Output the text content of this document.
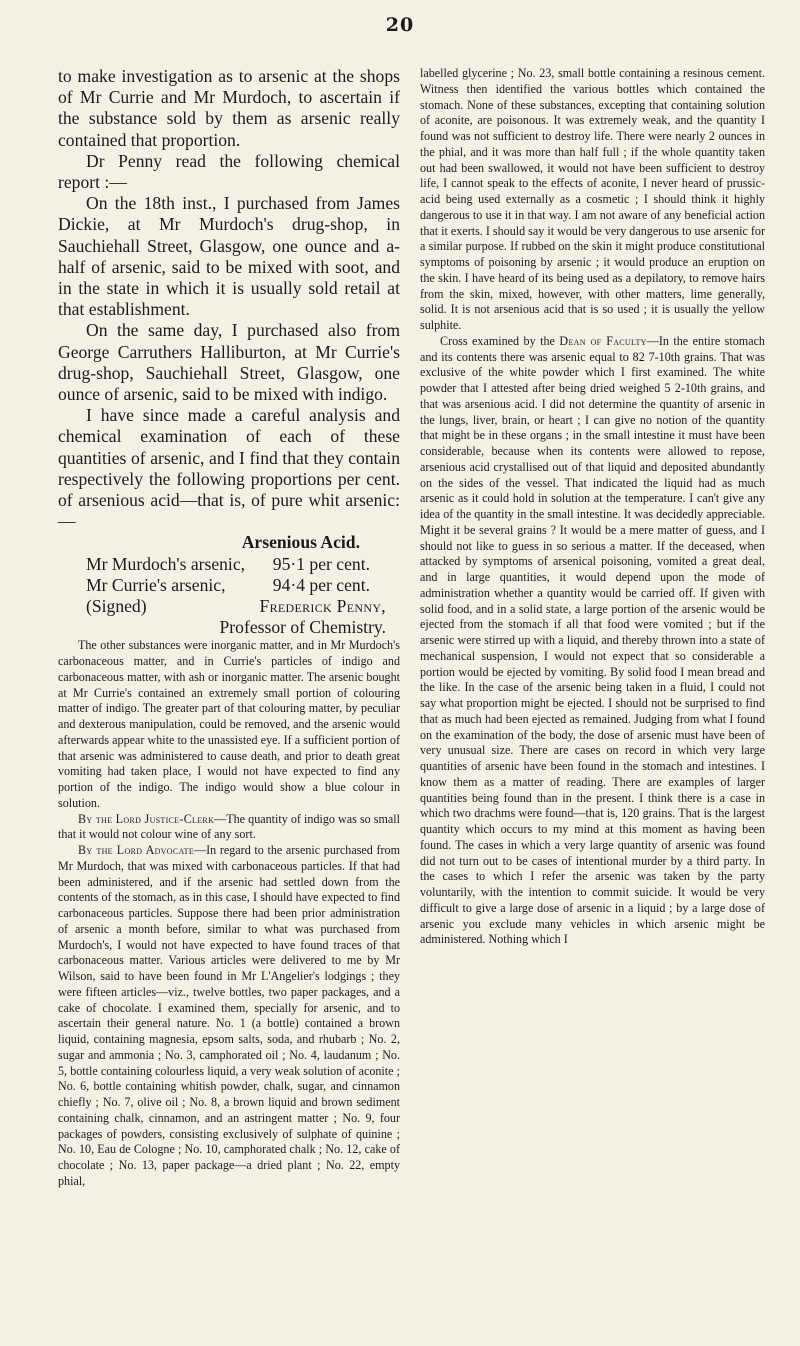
20

to make investigation as to arsenic at the shops of Mr Currie and Mr Murdoch, to ascertain if the substance sold by them as arsenic really contained that proportion.

Dr Penny read the following chemical report :—

On the 18th inst., I purchased from James Dickie, at Mr Murdoch's drug-shop, in Sauchiehall Street, Glasgow, one ounce and a-half of arsenic, said to be mixed with soot, and in the state in which it is usually sold retail at that establishment.

On the same day, I purchased also from George Carruthers Halliburton, at Mr Currie's drug-shop, Sauchiehall Street, Glasgow, one ounce of arsenic, said to be mixed with indigo.

I have since made a careful analysis and chemical examination of each of these quantities of arsenic, and I find that they contain respectively the following proportions per cent. of arsenious acid—that is, of pure whit arsenic:—

Arsenious Acid.
Mr Murdoch's arsenic, 95·1 per cent.
Mr Currie's arsenic,	94·4 per cent.
(Signed)	Frederick Penny,
Professor of Chemistry.

The other substances were inorganic matter, and in Mr Murdoch's carbonaceous matter, and in Currie's particles of indigo and carbonaceous matter, with ash or inorganic matter. The arsenic bought at Mr Currie's contained an extremely small portion of colouring matter of indigo. The greater part of that colouring matter, by peculiar and dexterous manipulation, could be removed, and the arsenic would afterwards appear white to the unassisted eye. If a sufficient portion of that arsenic was administered to cause death, and prior to death great vomiting had taken place, I would not have expected to find any portion of the indigo. The indigo would show a blue colour in solution.

By the Lord Justice-Clerk—The quantity of indigo was so small that it would not colour wine of any sort.

By the Lord Advocate—In regard to the arsenic purchased from Mr Murdoch, that was mixed with carbonaceous particles. If that had been administered, and if the arsenic had settled down from the contents of the stomach, as in this case, I should have expected to find carbonaceous particles. Suppose there had been prior administration of arsenic a month before, similar to what was purchased from Murdoch's, I would not have expected to have found traces of that carbonaceous matter. Various articles were delivered to me by Mr Wilson, said to have been found in Mr L'Angelier's lodgings ; they were fifteen articles—viz., twelve bottles, two paper packages, and a cake of chocolate. I examined them, specially for arsenic, and to ascertain their general nature. No. 1 (a bottle) contained a brown liquid, containing magnesia, epsom salts, soda, and rhubarb ; No. 2, sugar and ammonia ; No. 3, camphorated oil ; No. 4, laudanum ; No. 5, bottle containing colourless liquid, a very weak solution of aconite ; No. 6, bottle containing whitish powder, chalk, sugar, and cinnamon chiefly ; No. 7, olive oil ; No. 8, a brown liquid and brown sediment containing chalk, cinnamon, and an astringent matter ; No. 9, four packages of powders, consisting exclusively of sulphate of quinine ; No. 10, Eau de Cologne ; No. 10, camphorated chalk ; No. 12, cake of chocolate ; No. 13, paper package—a dried plant ; No. 22, empty phial,

labelled glycerine ; No. 23, small bottle containing a resinous cement. Witness then identified the various bottles which contained the stomach. None of these substances, excepting that containing solution of aconite, are poisonous. It was extremely weak, and the quantity I found was not sufficient to destroy life. There were nearly 2 ounces in the phial, and it was more than half full ; if the whole quantity taken out had been swallowed, it would not have been sufficient to destroy life, I cannot speak to the effects of aconite, I never heard of prussic-acid being used externally as a cosmetic ; I should think it highly dangerous to use it in that way. I am not aware of any beneficial action that it exerts. I should say it would be very dangerous to use arsenic for a similar purpose. If rubbed on the skin it might produce constitutional symptoms of poisoning by arsenic ; it would produce an eruption on the skin. I have heard of its being used as a depilatory, to remove hairs from the skin, mixed, however, with other matters, lime generally, solid. It is not arsenious acid that is so used ; it is usually the yellow sulphite.

Cross examined by the Dean of Faculty—In the entire stomach and its contents there was arsenic equal to 82 7-10th grains. That was exclusive of the white powder which I first examined. The white powder that I attested after being dried weighed 5 2-10th grains, and that was arsenious acid. I did not determine the quantity of arsenic in the lungs, liver, brain, or heart ; I can give no notion of the quantity that might be in these organs ; in the small intestine it must have been considerable, because when its contents were allowed to repose, arsenious acid crystallised out of that liquid and deposited abundantly on the sides of the vessel. That indicated the liquid had as much arsenic as it could hold in solution at the temperature. I can't give any idea of the quantity in the small intestine. It was decidedly appreciable. Might it be several grains ? It would be a mere matter of guess, and I should not like to guess in so serious a matter. If the deceased, when attacked by symptoms of arsenical poisoning, vomited a great deal, and in large quantities, it would depend upon the mode of administration whether a quantity would be carried off. If given with solid food, and in a solid state, a large portion of the arsenic would be ejected from the stomach if all that food were vomited ; but if the arsenic were stirred up with a liquid, and thereby thrown into a state of mechanical suspension, I would not expect that so considerable a portion would be ejected by vomiting. By solid food I mean bread and the like. In the case of the arsenic being taken in a fluid, I could not say what proportion might be ejected. I should not be surprised to find that as much had been ejected as remained. Judging from what I found on the examination of the body, the dose of arsenic must have been of very unusual size. There are cases on record in which very large quantities of arsenic have been found in the stomach and intestines. I know them as a matter of reading. There are examples of larger quantities being found than in the present. I think there is a case in which two drachms were found—that is, 120 grains. That is the largest quantity which occurs to my mind at this moment as having been found. The cases in which a very large quantity of arsenic was found did not turn out to be cases of intentional murder by a third party. In the cases to which I refer the arsenic was taken by the party voluntarily, with the intention to commit suicide. It would be very difficult to give a large dose of arsenic in a liquid ; by a large dose of arsenic you exclude many vehicles in which arsenic might be administered. Nothing which I
